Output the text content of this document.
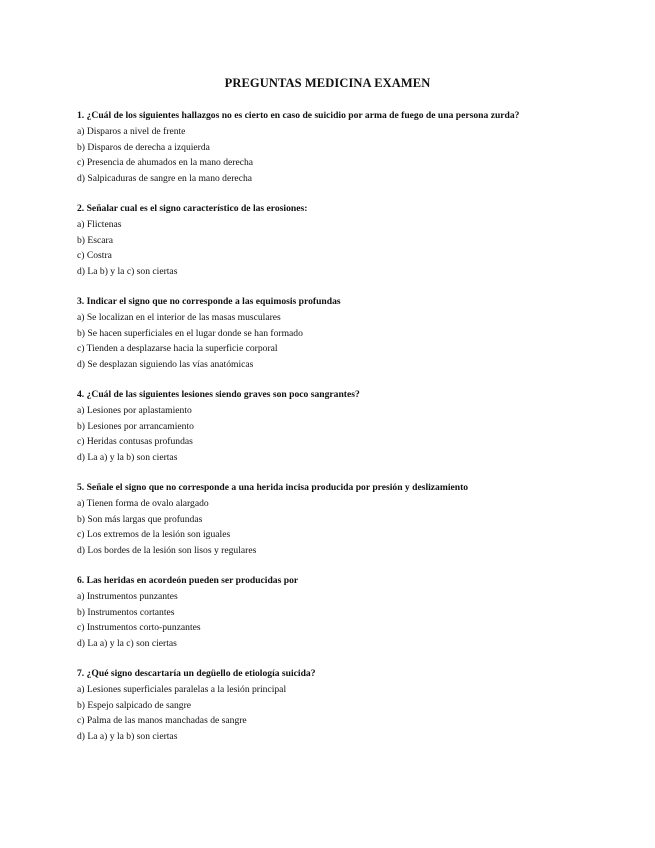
PREGUNTAS MEDICINA EXAMEN
1. ¿Cuál de los siguientes hallazgos no es cierto en caso de suicidio por arma de fuego de una persona zurda?
a) Disparos a nivel de frente
b) Disparos de derecha a izquierda
c) Presencia de ahumados en la mano derecha
d) Salpicaduras de sangre en la mano derecha
2. Señalar cual es el signo característico de las erosiones:
a) Flictenas
b) Escara
c) Costra
d) La b) y la c) son ciertas
3. Indicar el signo que no corresponde a las equimosis profundas
a) Se localizan en el interior de las masas musculares
b) Se hacen superficiales en el lugar donde se han formado
c) Tienden a desplazarse hacia la superficie corporal
d) Se desplazan siguiendo las vías anatómicas
4. ¿Cuál de las siguientes lesiones siendo graves son poco sangrantes?
a) Lesiones por aplastamiento
b) Lesiones por arrancamiento
c) Heridas contusas profundas
d) La a) y la b) son ciertas
5. Señale el signo que no corresponde a una herida incisa producida por presión y deslizamiento
a) Tienen forma de ovalo alargado
b) Son más largas que profundas
c) Los extremos de la lesión son iguales
d) Los bordes de la lesión son lisos y regulares
6. Las heridas en acordeón pueden ser producidas por
a) Instrumentos punzantes
b) Instrumentos cortantes
c) Instrumentos corto-punzantes
d) La a) y la c) son ciertas
7. ¿Qué signo descartaría un degüello de etiología suicida?
a) Lesiones superficiales paralelas a la lesión principal
b) Espejo salpicado de sangre
c) Palma de las manos manchadas de sangre
d) La a) y la b) son ciertas
